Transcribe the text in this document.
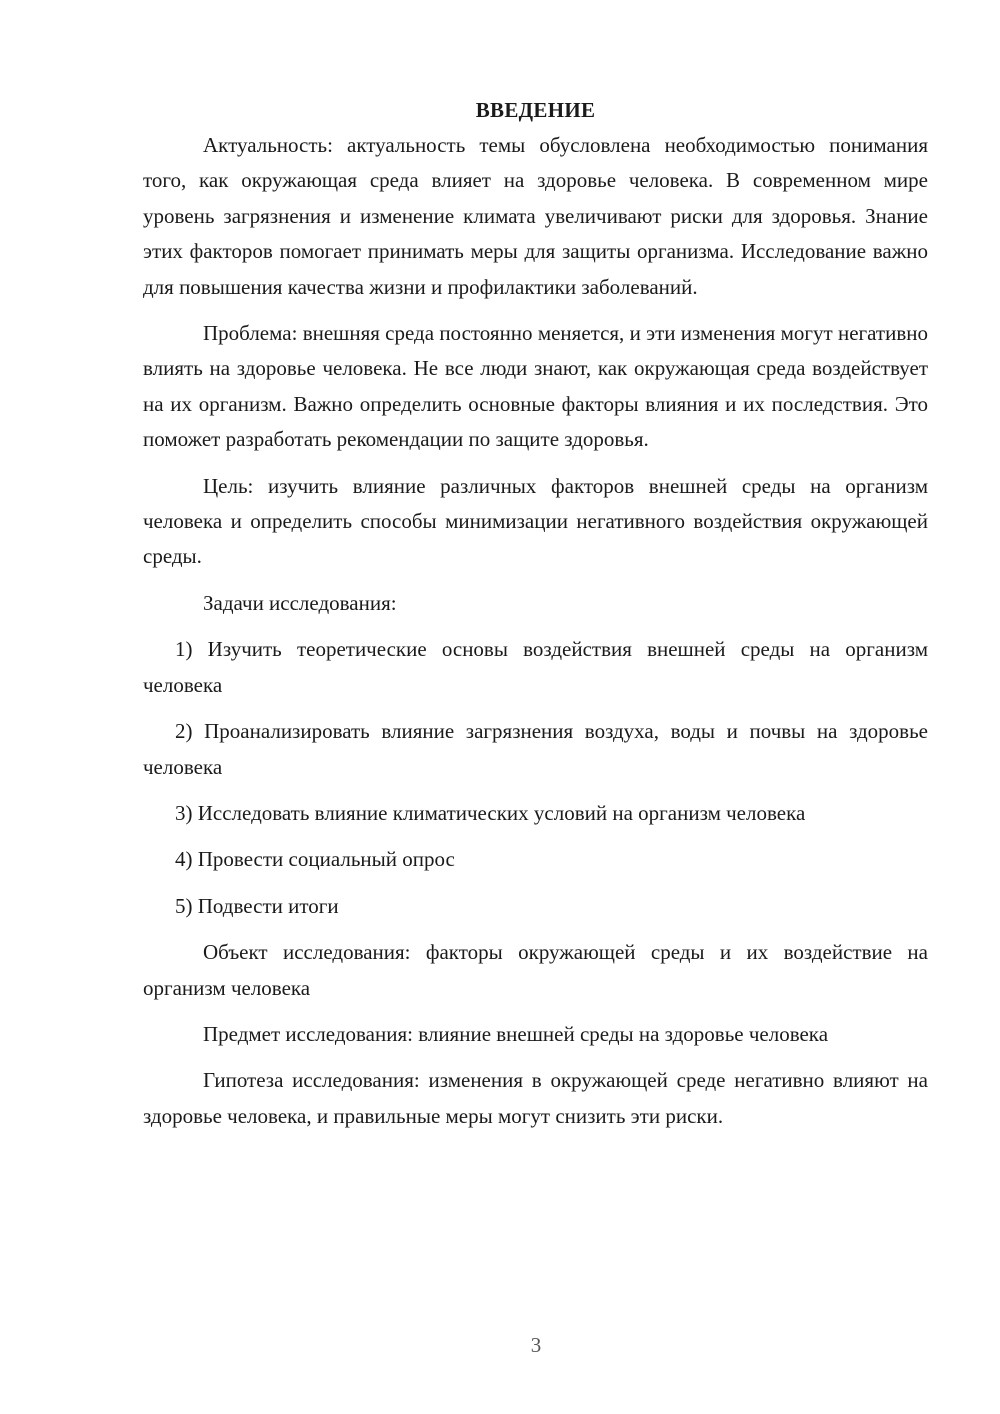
ВВЕДЕНИЕ

Актуальность: актуальность темы обусловлена необходимостью понимания того, как окружающая среда влияет на здоровье человека. В современном мире уровень загрязнения и изменение климата увеличивают риски для здоровья. Знание этих факторов помогает принимать меры для защиты организма. Исследование важно для повышения качества жизни и профилактики заболеваний.

Проблема: внешняя среда постоянно меняется, и эти изменения могут негативно влиять на здоровье человека. Не все люди знают, как окружающая среда воздействует на их организм. Важно определить основные факторы влияния и их последствия. Это поможет разработать рекомендации по защите здоровья.

Цель: изучить влияние различных факторов внешней среды на организм человека и определить способы минимизации негативного воздействия окружающей среды.

Задачи исследования:

1) Изучить теоретические основы воздействия внешней среды на организм человека

2) Проанализировать влияние загрязнения воздуха, воды и почвы на здоровье человека

3) Исследовать влияние климатических условий на организм человека

4) Провести социальный опрос

5) Подвести итоги

Объект исследования: факторы окружающей среды и их воздействие на организм человека

Предмет исследования: влияние внешней среды на здоровье человека

Гипотеза исследования: изменения в окружающей среде негативно влияют на здоровье человека, и правильные меры могут снизить эти риски.

3
